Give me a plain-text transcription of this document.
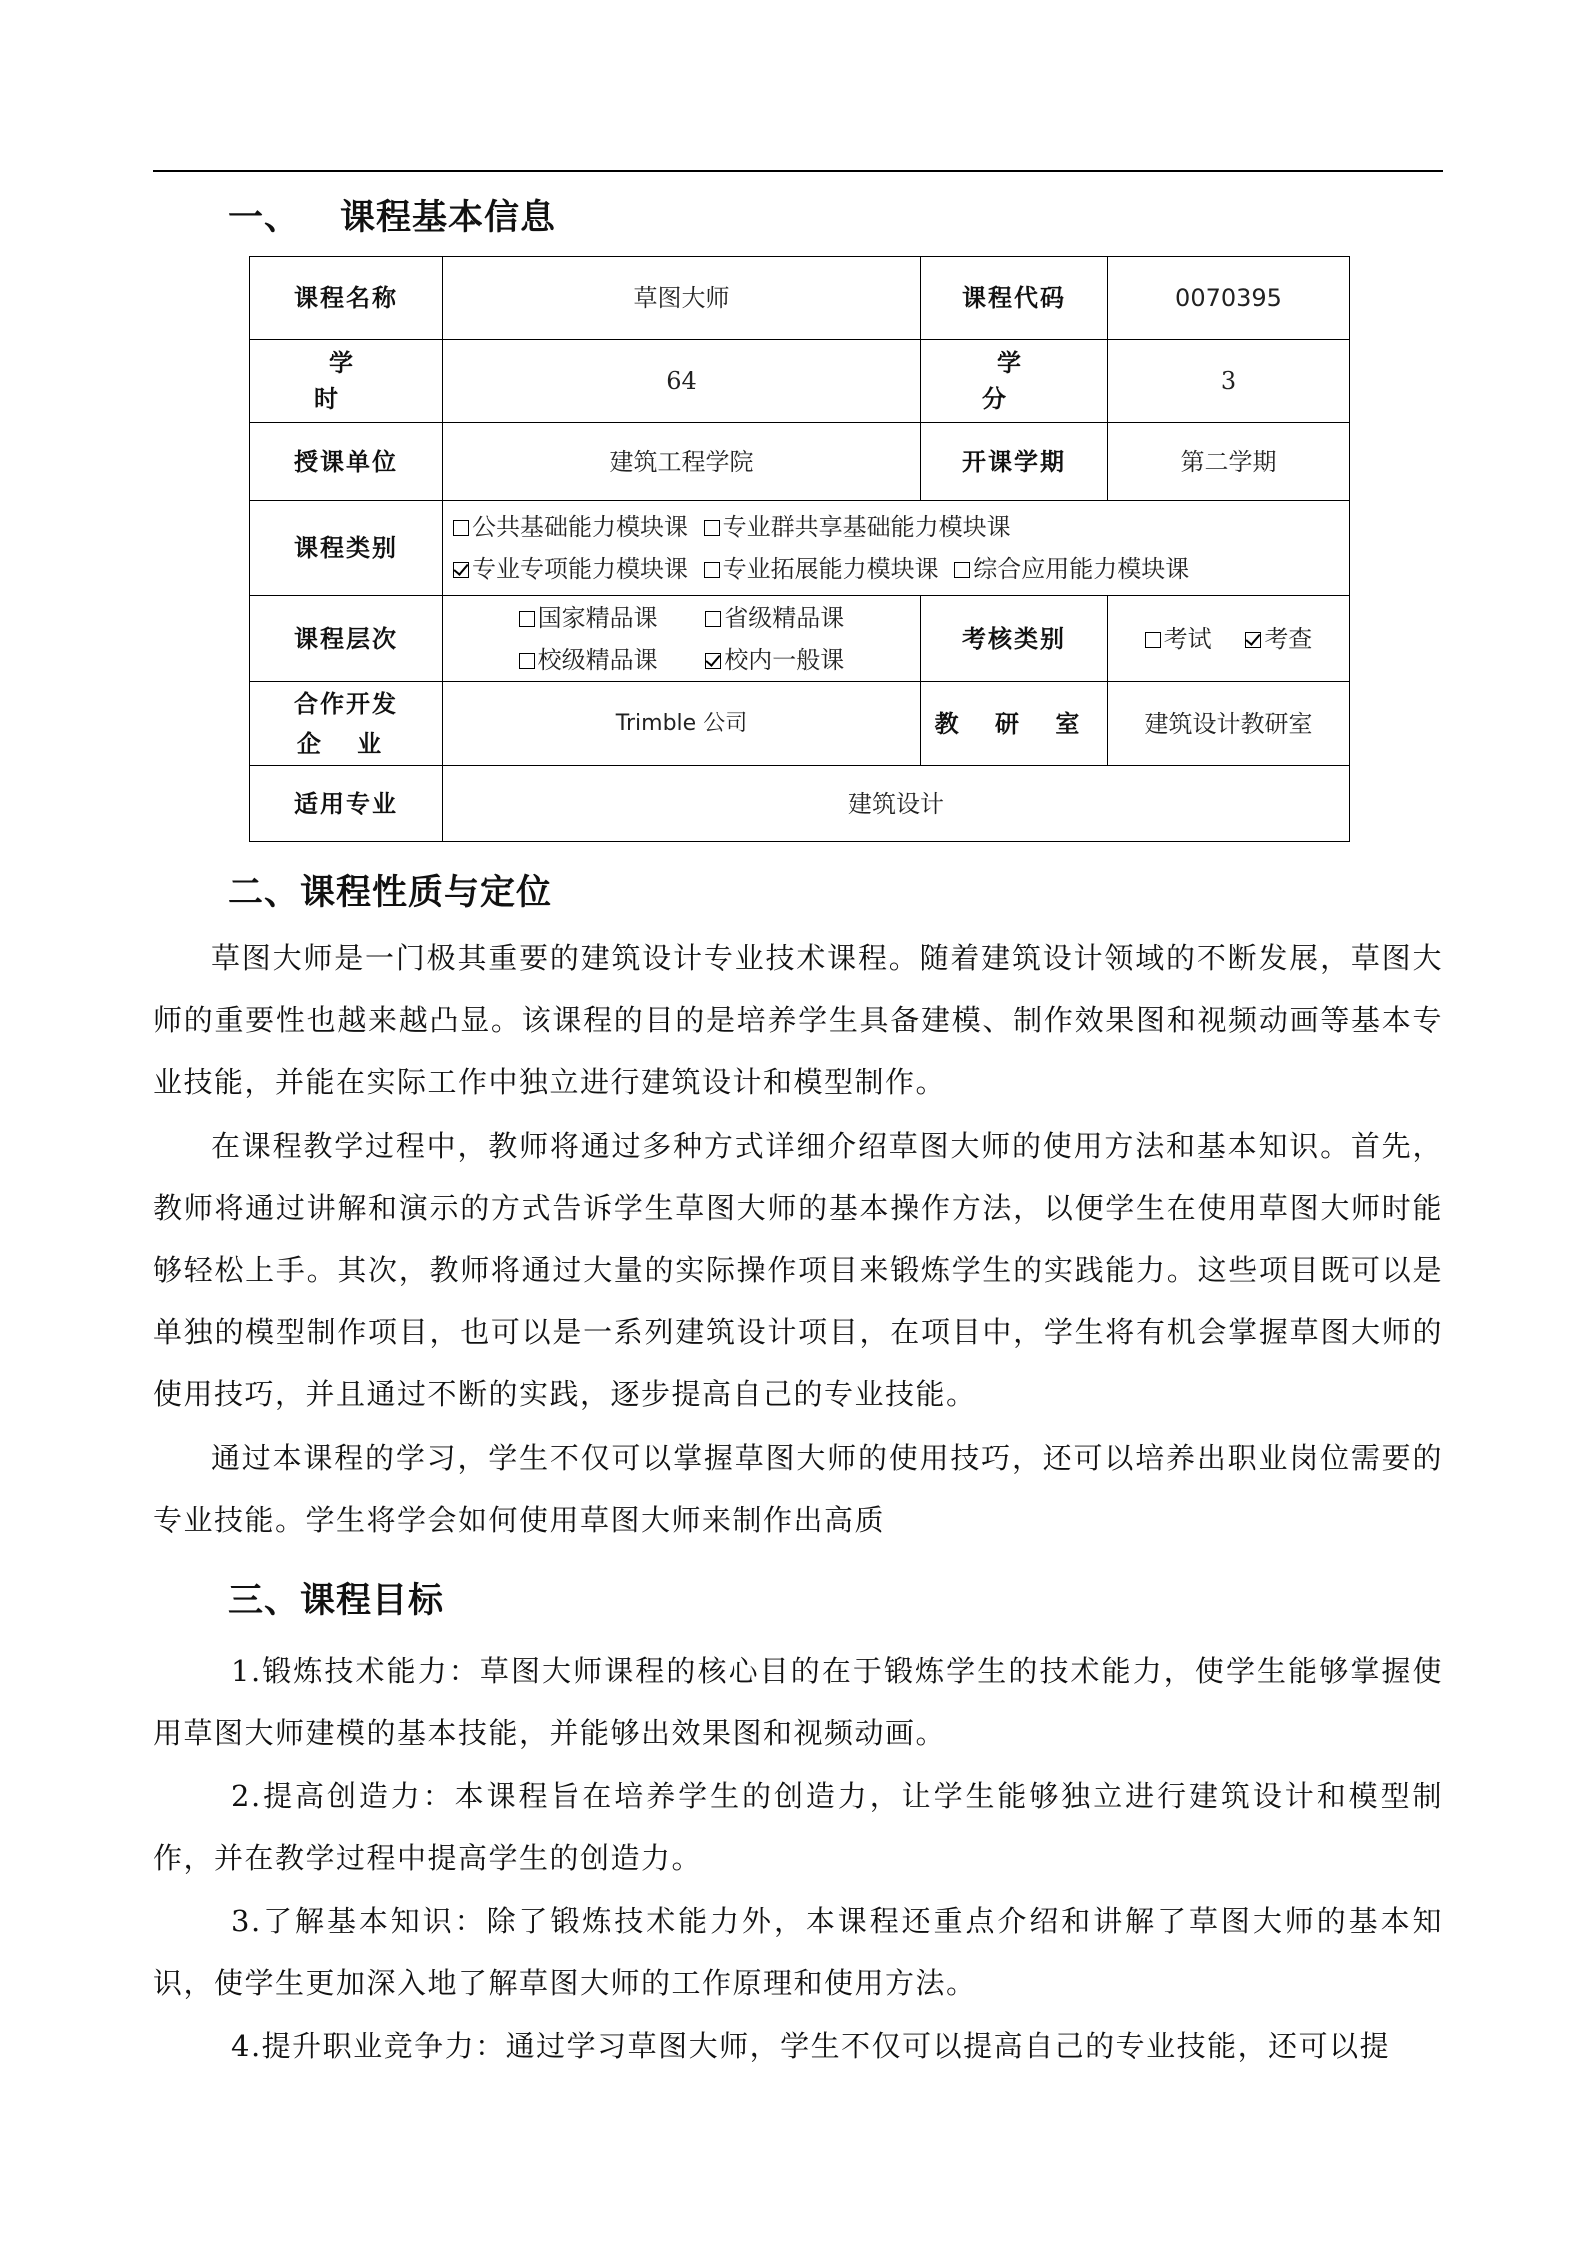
一、 课程基本信息
课程名称	草图大师	课程代码	0070395
学 时	64	学 分	3
授课单位	建筑工程学院	开课学期	第二学期
课程类别	公共基础能力模块课 专业群共享基础能力模块课
专业专项能力模块课 专业拓展能力模块课 综合应用能力模块课		

课程层次	国家精品课 省级精品课
校级精品课 校内一般课	考核类别	考试 考查

合作开发
企 业	Trimble 公司	教 研 室	建筑设计教研室
适用专业	建筑设计		
二、课程性质与定位

草图大师是一门极其重要的建筑设计专业技术课程。随着建筑设计领域的不断发展，草图大师的重要性也越来越凸显。该课程的目的是培养学生具备建模、制作效果图和视频动画等基本专业技能，并能在实际工作中独立进行建筑设计和模型制作。

在课程教学过程中，教师将通过多种方式详细介绍草图大师的使用方法和基本知识。首先，教师将通过讲解和演示的方式告诉学生草图大师的基本操作方法，以便学生在使用草图大师时能够轻松上手。其次，教师将通过大量的实际操作项目来锻炼学生的实践能力。这些项目既可以是单独的模型制作项目，也可以是一系列建筑设计项目，在项目中，学生将有机会掌握草图大师的使用技巧，并且通过不断的实践，逐步提高自己的专业技能。

通过本课程的学习，学生不仅可以掌握草图大师的使用技巧，还可以培养出职业岗位需要的专业技能。学生将学会如何使用草图大师来制作出高质

三、课程目标

1.锻炼技术能力：草图大师课程的核心目的在于锻炼学生的技术能力，使学生能够掌握使用草图大师建模的基本技能，并能够出效果图和视频动画。

2.提高创造力：本课程旨在培养学生的创造力，让学生能够独立进行建筑设计和模型制作，并在教学过程中提高学生的创造力。

3.了解基本知识：除了锻炼技术能力外，本课程还重点介绍和讲解了草图大师的基本知识，使学生更加深入地了解草图大师的工作原理和使用方法。

4.提升职业竞争力：通过学习草图大师，学生不仅可以提高自己的专业技能，还可以提
